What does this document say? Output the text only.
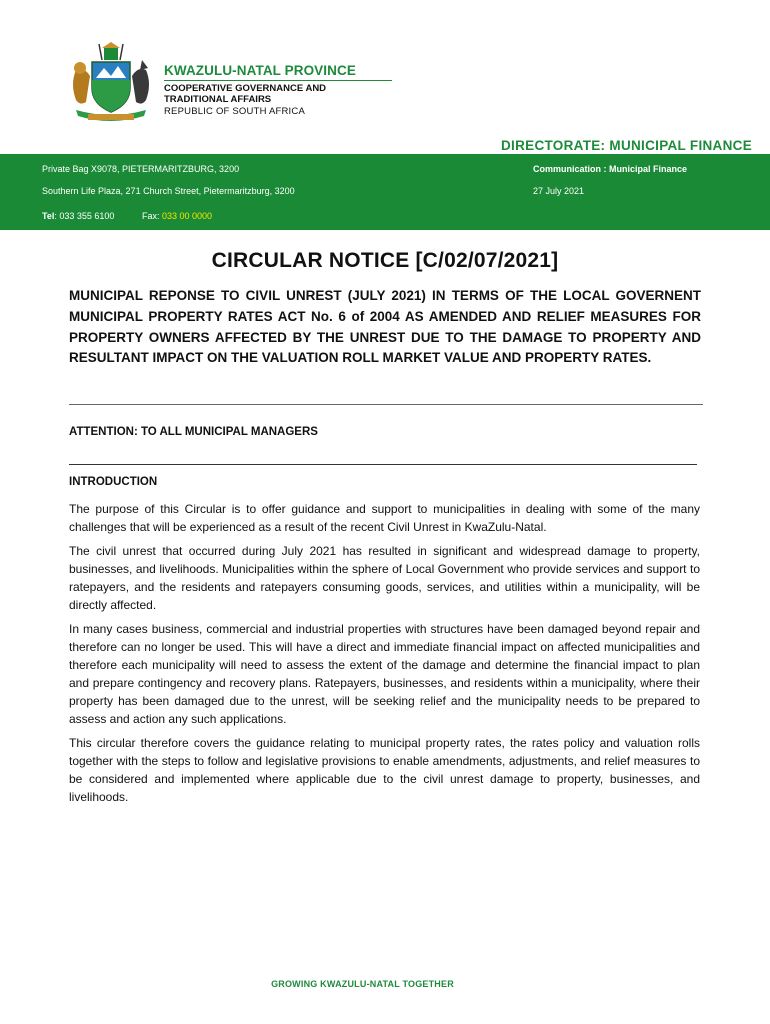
KWAZULU-NATAL PROVINCE
COOPERATIVE GOVERNANCE AND
TRADITIONAL AFFAIRS
REPUBLIC OF SOUTH AFRICA
DIRECTORATE: MUNICIPAL FINANCE
Private Bag X9078, PIETERMARITZBURG, 3200
Southern Life Plaza, 271 Church Street, Pietermaritzburg, 3200
Tel: 033 355 6100	Fax: 033 00 0000
Communication : Municipal Finance
27 July 2021
CIRCULAR NOTICE [C/02/07/2021]
MUNICIPAL REPONSE TO CIVIL UNREST (JULY 2021) IN TERMS OF THE LOCAL GOVERNENT MUNICIPAL PROPERTY RATES ACT No. 6 of 2004 AS AMENDED AND RELIEF MEASURES FOR PROPERTY OWNERS AFFECTED BY THE UNREST DUE TO THE DAMAGE TO PROPERTY AND RESULTANT IMPACT ON THE VALUATION ROLL MARKET VALUE AND PROPERTY RATES.
ATTENTION: TO ALL MUNICIPAL MANAGERS
INTRODUCTION

The purpose of this Circular is to offer guidance and support to municipalities in dealing with some of the many challenges that will be experienced as a result of the recent Civil Unrest in KwaZulu-Natal.

The civil unrest that occurred during July 2021 has resulted in significant and widespread damage to property, businesses, and livelihoods. Municipalities within the sphere of Local Government who provide services and support to ratepayers, and the residents and ratepayers consuming goods, services, and utilities within a municipality, will be directly affected.

In many cases business, commercial and industrial properties with structures have been damaged beyond repair and therefore can no longer be used. This will have a direct and immediate financial impact on affected municipalities and therefore each municipality will need to assess the extent of the damage and determine the financial impact to plan and prepare contingency and recovery plans. Ratepayers, businesses, and residents within a municipality, where their property has been damaged due to the unrest, will be seeking relief and the municipality needs to be prepared to assess and action any such applications.

This circular therefore covers the guidance relating to municipal property rates, the rates policy and valuation rolls together with the steps to follow and legislative provisions to enable amendments, adjustments, and relief measures to be considered and implemented where applicable due to the civil unrest damage to property, businesses, and livelihoods.

GROWING KWAZULU-NATAL TOGETHER
